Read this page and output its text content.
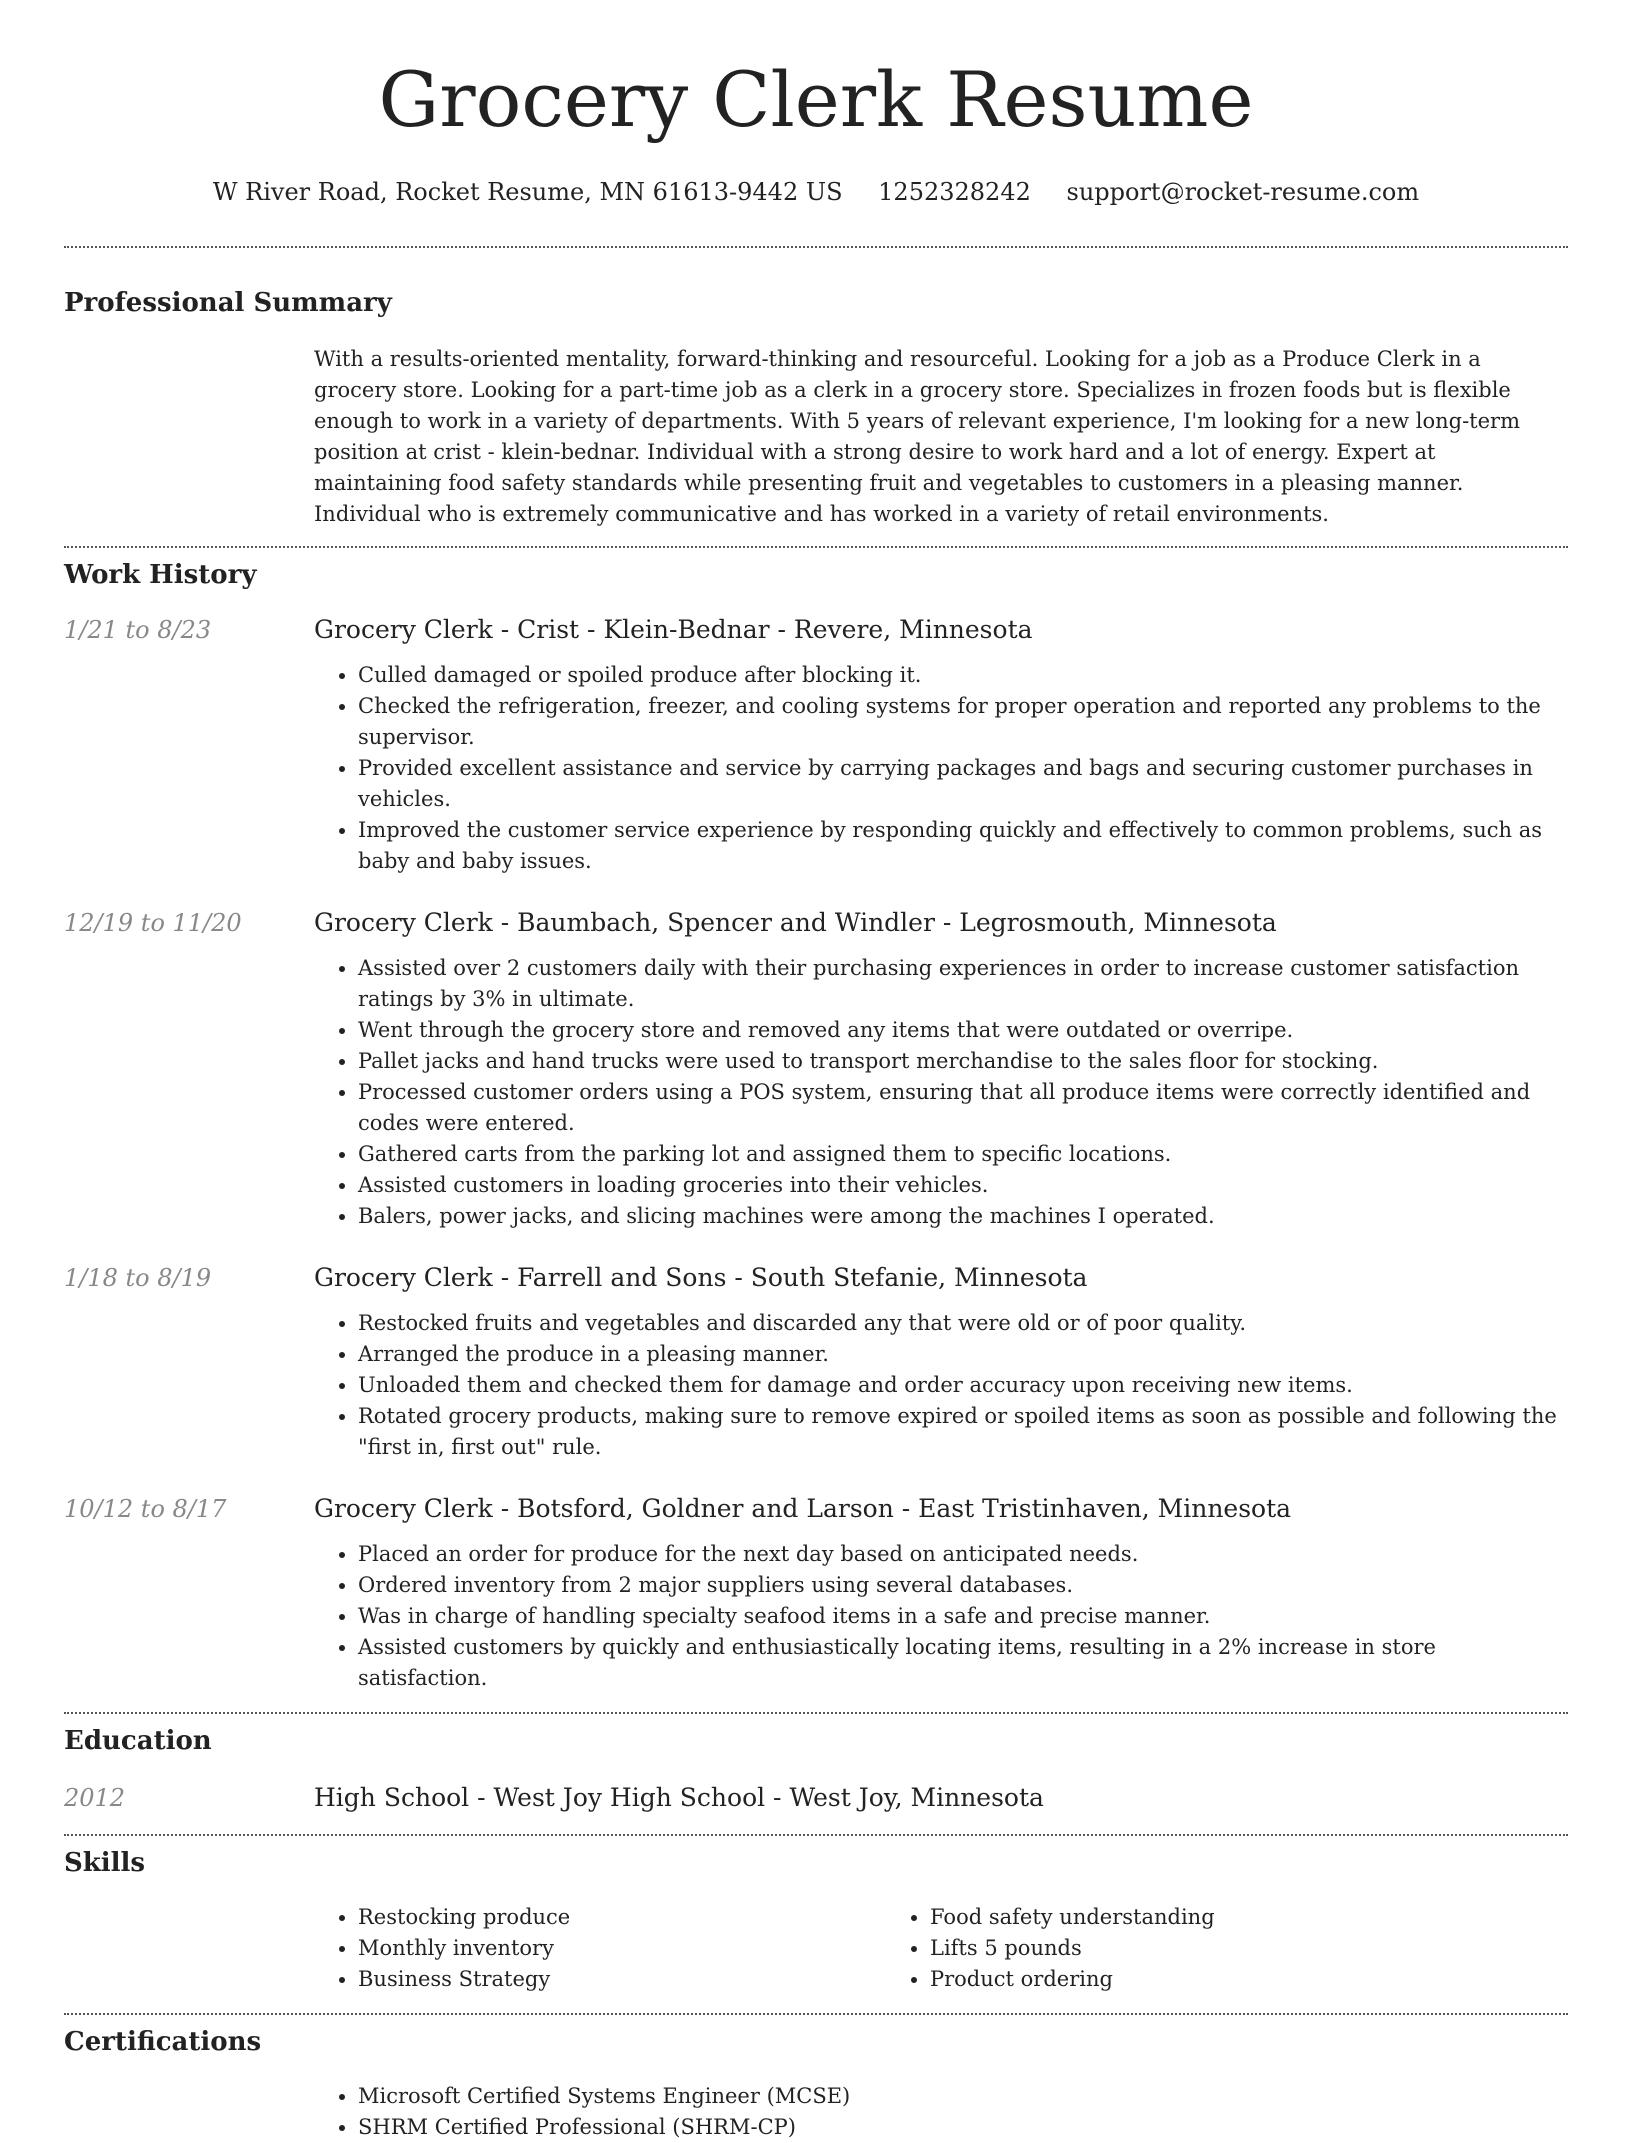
Grocery Clerk Resume
W River Road, Rocket Resume, MN 61613-9442 US 1252328242 support@rocket-resume.com
Professional Summary

With a results-oriented mentality, forward-thinking and resourceful. Looking for a job as a Produce Clerk in a grocery store. Looking for a part-time job as a clerk in a grocery store. Specializes in frozen foods but is flexible enough to work in a variety of departments. With 5 years of relevant experience, I'm looking for a new long-term position at crist - klein-bednar. Individual with a strong desire to work hard and a lot of energy. Expert at maintaining food safety standards while presenting fruit and vegetables to customers in a pleasing manner. Individual who is extremely communicative and has worked in a variety of retail environments.

Work History
1/21 to 8/23	Grocery Clerk - Crist - Klein-Bednar - Revere, Minnesota
• Culled damaged or spoiled produce after blocking it.
• Checked the refrigeration, freezer, and cooling systems for proper operation and reported any problems to the supervisor.
• Provided excellent assistance and service by carrying packages and bags and securing customer purchases in vehicles.
• Improved the customer service experience by responding quickly and effectively to common problems, such as baby and baby issues.
12/19 to 11/20	Grocery Clerk - Baumbach, Spencer and Windler - Legrosmouth, Minnesota
• Assisted over 2 customers daily with their purchasing experiences in order to increase customer satisfaction ratings by 3% in ultimate.
• Went through the grocery store and removed any items that were outdated or overripe.
• Pallet jacks and hand trucks were used to transport merchandise to the sales floor for stocking.
• Processed customer orders using a POS system, ensuring that all produce items were correctly identified and codes were entered.
• Gathered carts from the parking lot and assigned them to specific locations.
• Assisted customers in loading groceries into their vehicles.
• Balers, power jacks, and slicing machines were among the machines I operated.
1/18 to 8/19	Grocery Clerk - Farrell and Sons - South Stefanie, Minnesota
• Restocked fruits and vegetables and discarded any that were old or of poor quality.
• Arranged the produce in a pleasing manner.
• Unloaded them and checked them for damage and order accuracy upon receiving new items.
• Rotated grocery products, making sure to remove expired or spoiled items as soon as possible and following the "first in, first out" rule.
10/12 to 8/17	Grocery Clerk - Botsford, Goldner and Larson - East Tristinhaven, Minnesota
• Placed an order for produce for the next day based on anticipated needs.
• Ordered inventory from 2 major suppliers using several databases.
• Was in charge of handling specialty seafood items in a safe and precise manner.
• Assisted customers by quickly and enthusiastically locating items, resulting in a 2% increase in store satisfaction.
Education
2012	High School - West Joy High School - West Joy, Minnesota
Skills
• Restocking produce
• Monthly inventory
• Business Strategy
• Food safety understanding
• Lifts 5 pounds
• Product ordering
Certifications
• Microsoft Certified Systems Engineer (MCSE)
• SHRM Certified Professional (SHRM-CP)
